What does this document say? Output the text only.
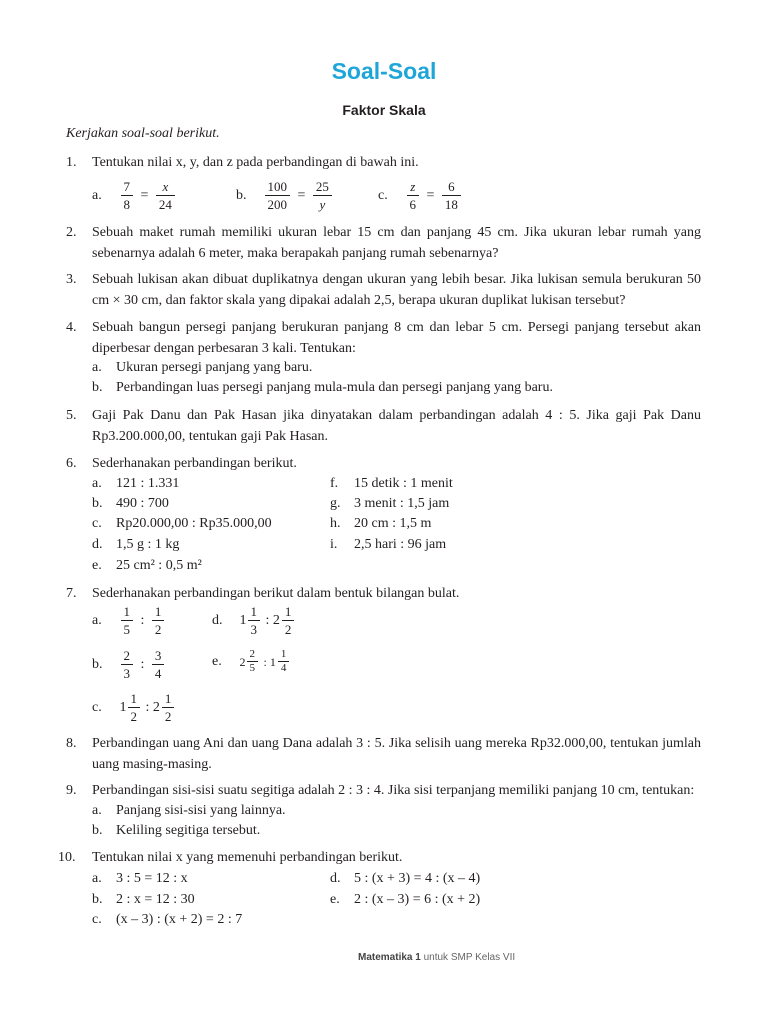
Soal-Soal
Faktor Skala
Kerjakan soal-soal berikut.
1. Tentukan nilai x, y, dan z pada perbandingan di bawah ini.
a. $\frac{7}{8} = \frac{x}{24}$	b. $\frac{100}{200} = \frac{25}{y}$	c. $\frac{z}{6} = \frac{6}{18}$
2. Sebuah maket rumah memiliki ukuran lebar 15 cm dan panjang 45 cm. Jika ukuran lebar rumah yang sebenarnya adalah 6 meter, maka berapakah panjang rumah sebenarnya?
3. Sebuah lukisan akan dibuat duplikatnya dengan ukuran yang lebih besar. Jika lukisan semula berukuran 50 cm × 30 cm, dan faktor skala yang dipakai adalah 2,5, berapa ukuran duplikat lukisan tersebut?
4. Sebuah bangun persegi panjang berukuran panjang 8 cm dan lebar 5 cm. Persegi panjang tersebut akan diperbesar dengan perbesaran 3 kali. Tentukan:
a. Ukuran persegi panjang yang baru.
b. Perbandingan luas persegi panjang mula-mula dan persegi panjang yang baru.
5. Gaji Pak Danu dan Pak Hasan jika dinyatakan dalam perbandingan adalah 4 : 5. Jika gaji Pak Danu Rp3.200.000,00, tentukan gaji Pak Hasan.
6. Sederhanakan perbandingan berikut.
a. 121 : 1.331
b. 490 : 700
c. Rp20.000,00 : Rp35.000,00
d. 1,5 g : 1 kg
e. 25 cm² : 0,5 m²
f. 15 detik : 1 menit
g. 3 menit : 1,5 jam
h. 20 cm : 1,5 m
i. 2,5 hari : 96 jam
7. Sederhanakan perbandingan berikut dalam bentuk bilangan bulat.
a. $\frac{1}{5}$ : $\frac{1}{2}$	d. $1 \frac{1}{3}$ : $2 \frac{1}{2}$
b. $\frac{2}{3}$ : $\frac{3}{4}$	e. $2 \frac{2}{5}$ : $1 \frac{1}{4}$
c. $1 \frac{1}{2}$ : $2 \frac{1}{2}$
8. Perbandingan uang Ani dan uang Dana adalah 3 : 5. Jika selisih uang mereka Rp32.000,00, tentukan jumlah uang masing-masing.
9. Perbandingan sisi-sisi suatu segitiga adalah 2 : 3 : 4. Jika sisi terpanjang memiliki panjang 10 cm, tentukan:
a. Panjang sisi-sisi yang lainnya.
b. Keliling segitiga tersebut.
10. Tentukan nilai x yang memenuhi perbandingan berikut.
a. 3 : 5 = 12 : x
b. 2 : x = 12 : 30
c. (x – 3) : (x + 2) = 2 : 7
d. 5 : (x + 3) = 4 : (x – 4)
e. 2 : (x – 3) = 6 : (x + 2)
Matematika 1 untuk SMP Kelas VII
